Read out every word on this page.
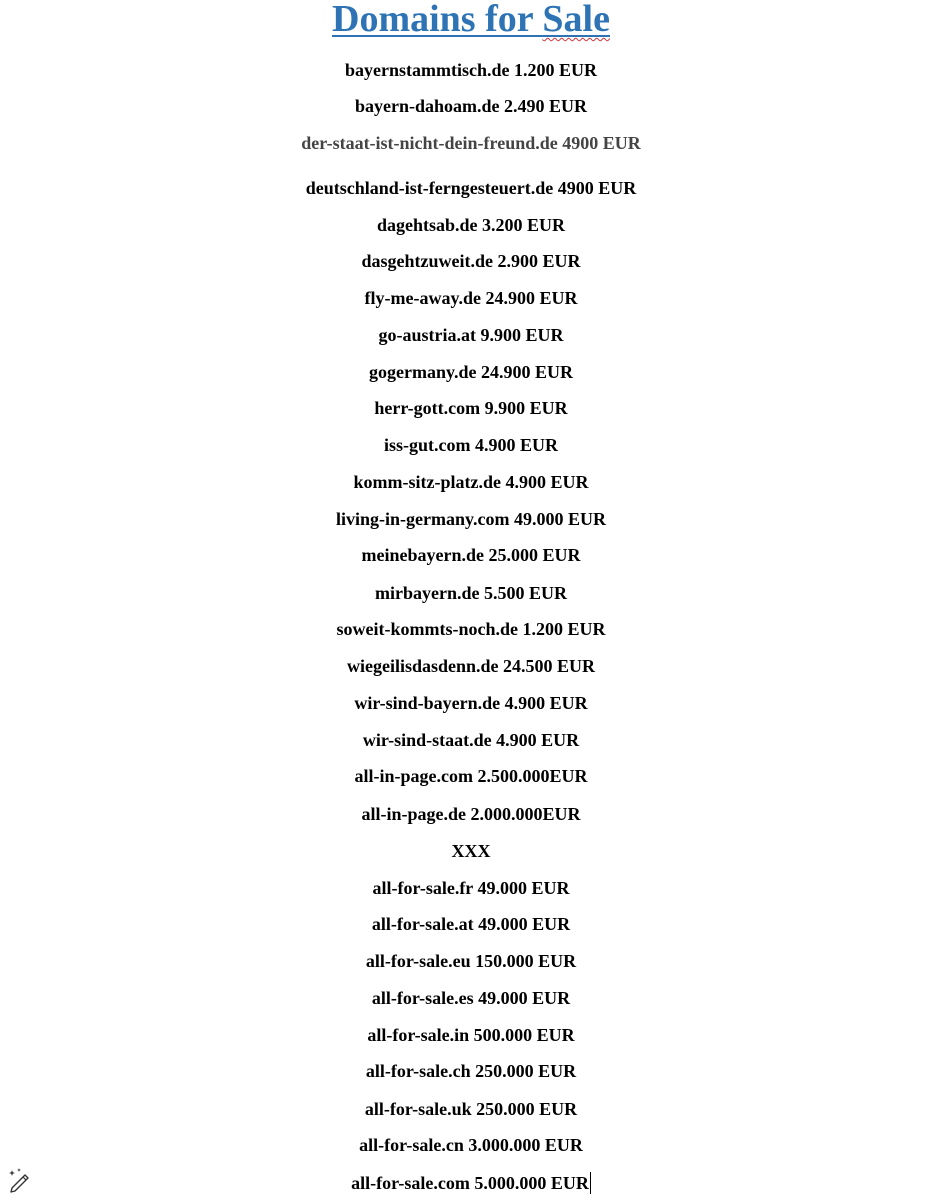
Domains for Sale
bayernstammtisch.de 1.200 EUR
bayern-dahoam.de 2.490 EUR
der-staat-ist-nicht-dein-freund.de 4900 EUR
deutschland-ist-ferngesteuert.de 4900 EUR
dagehtsab.de 3.200 EUR
dasgehtzuweit.de 2.900 EUR
fly-me-away.de 24.900 EUR
go-austria.at 9.900 EUR
gogermany.de 24.900 EUR
herr-gott.com 9.900 EUR
iss-gut.com 4.900 EUR
komm-sitz-platz.de 4.900 EUR
living-in-germany.com 49.000 EUR
meinebayern.de 25.000 EUR
mirbayern.de 5.500 EUR
soweit-kommts-noch.de 1.200 EUR
wiegeilisdasdenn.de 24.500 EUR
wir-sind-bayern.de 4.900 EUR
wir-sind-staat.de 4.900 EUR
all-in-page.com 2.500.000EUR
all-in-page.de 2.000.000EUR
XXX
all-for-sale.fr 49.000 EUR
all-for-sale.at 49.000 EUR
all-for-sale.eu 150.000 EUR
all-for-sale.es 49.000 EUR
all-for-sale.in 500.000 EUR
all-for-sale.ch 250.000 EUR
all-for-sale.uk 250.000 EUR
all-for-sale.cn 3.000.000 EUR
all-for-sale.com 5.000.000 EUR
